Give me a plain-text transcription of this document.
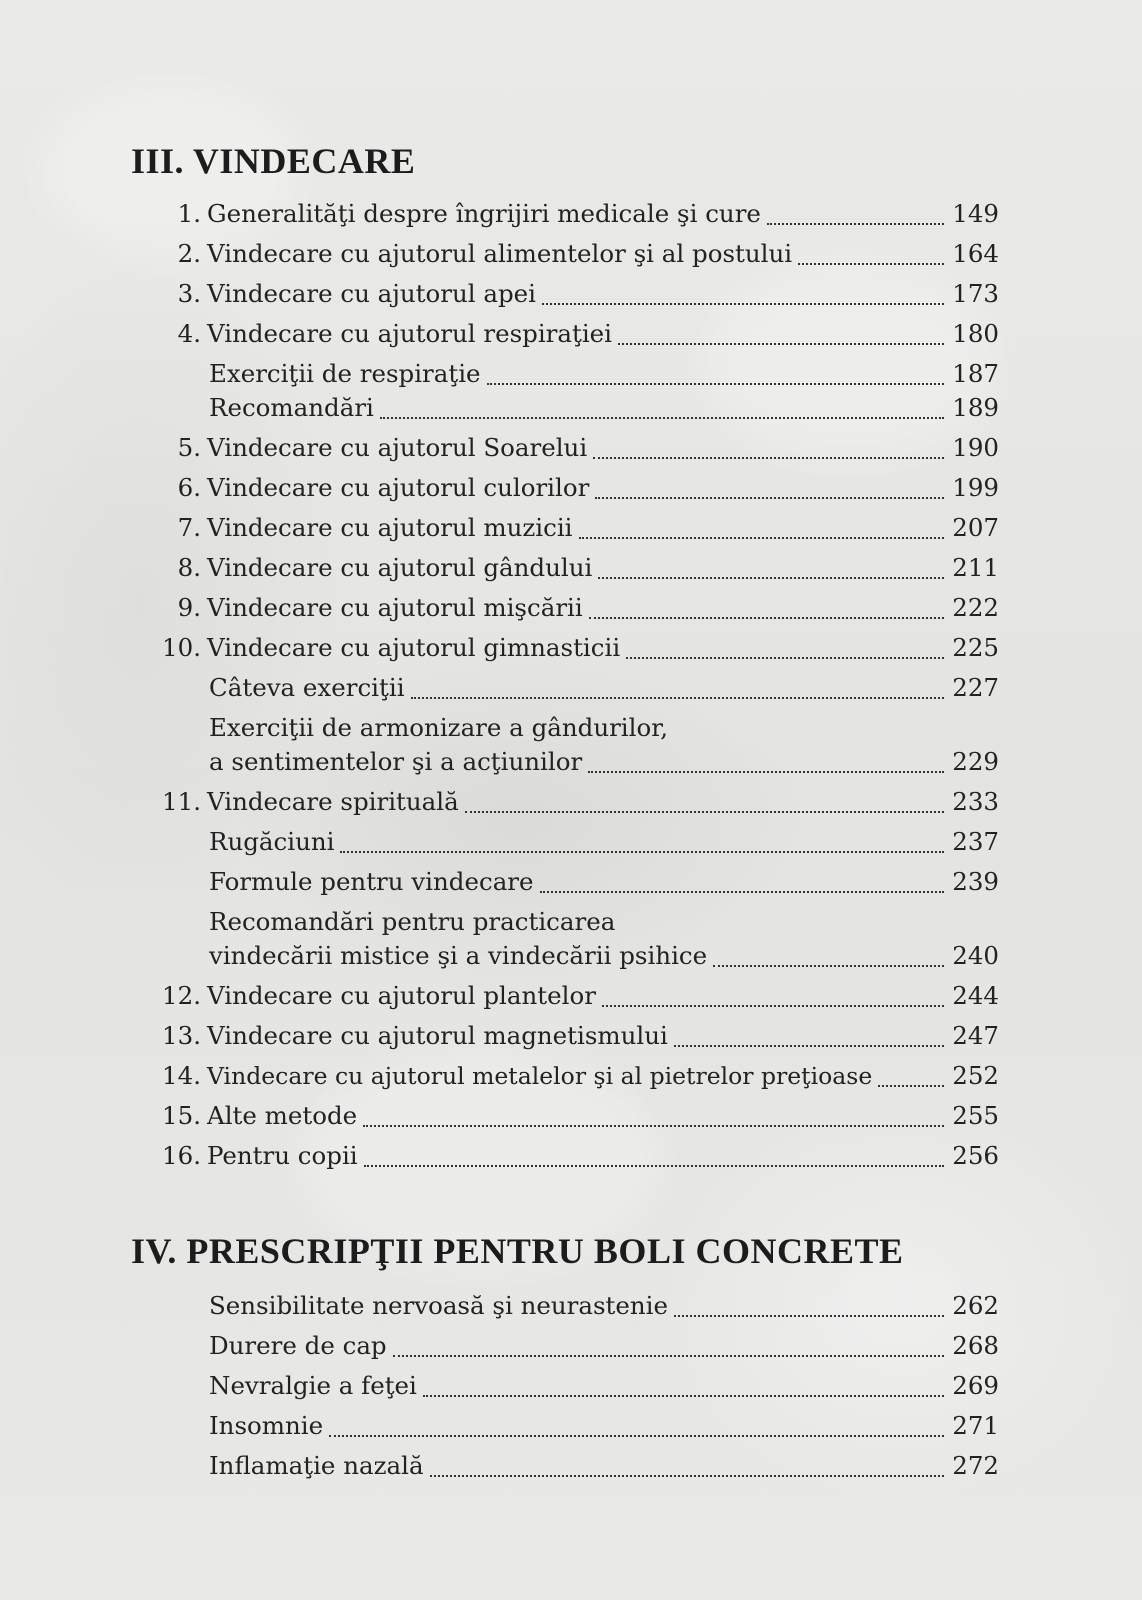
III. VINDECARE
1. Generalităţi despre îngrijiri medicale şi cure	149
2. Vindecare cu ajutorul alimentelor şi al postului	164
3. Vindecare cu ajutorul apei	173
4. Vindecare cu ajutorul respiraţiei	180
Exerciţii de respiraţie	187
Recomandări	189
5. Vindecare cu ajutorul Soarelui	190
6. Vindecare cu ajutorul culorilor	199
7. Vindecare cu ajutorul muzicii	207
8. Vindecare cu ajutorul gândului	211
9. Vindecare cu ajutorul mişcării	222
10. Vindecare cu ajutorul gimnasticii	225
Câteva exerciţii	227
Exerciţii de armonizare a gândurilor,
a sentimentelor şi a acţiunilor	229
11. Vindecare spirituală	233
Rugăciuni	237
Formule pentru vindecare	239
Recomandări pentru practicarea
vindecării mistice şi a vindecării psihice	240
12. Vindecare cu ajutorul plantelor	244
13. Vindecare cu ajutorul magnetismului	247
14. Vindecare cu ajutorul metalelor şi al pietrelor preţioase	252
15. Alte metode	255
16. Pentru copii	256
IV. PRESCRIPŢII PENTRU BOLI CONCRETE
Sensibilitate nervoasă şi neurastenie	262
Durere de cap	268
Nevralgie a feţei	269
Insomnie	271
Inflamaţie nazală	272
